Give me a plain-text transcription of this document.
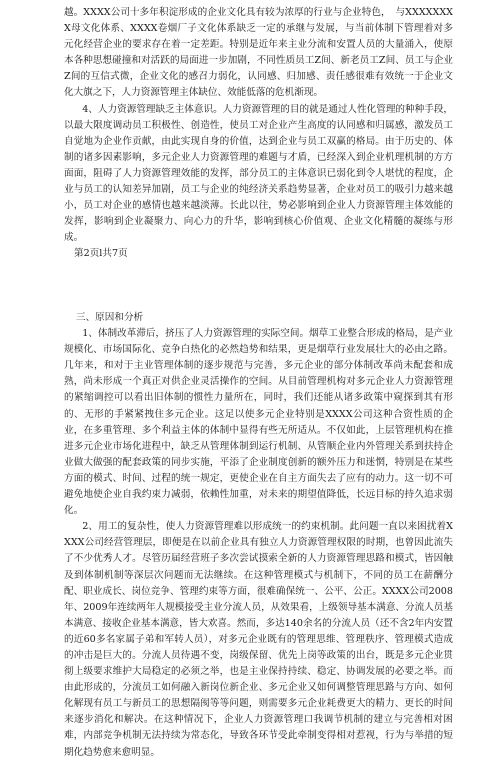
越。XXXX公司十多年积淀形成的企业文化具有较为浓厚的行业与企业特色，　与XXXXXXXX母文化体系、XXXX卷烟厂子文化体系缺乏一定的承继与发展，与当前体制下管理着对多元化经营企业的要求存在着一定差距。特别是近年来主业分流和安置人员的大量涌入，使原本各种思想碰撞和对活跃的局面进一步加剧，不同性质员工Z间、新老员工Z间、员工与企业Z间的互信式微，企业文化的感召力弱化，认同感、归加感、责任感很难有效统一于企业文化大旗之下，人力资源管理主体缺位、效能低落的危机渐现。

4、人力资源管理缺乏主体意识。人力资源管理的目的就是通过人性化管理的种种手段，以最大限度调动员工积极性、创造性，使员工对企业产生高度的认同感和归属感，激发员工自觉地为企业作贡献，由此实现自身的价值，达到企业与员工双赢的格局。由于历史的、体制的诸多因素影响，多元企业人力资源管理的难题与才盾，已经深入到企业机理机制的方方面面，阻碍了人力资源管理效能的发挥，部分员工的主体意识已弱化到令人堪忧的程度，企业与员工的认知差异加剧，员工与企业的纯经济关系趋势显著，企业对员工的吸引力越来越小，员工对企业的感情也越来越淡薄。长此以往，势必影响到企业人力资源管理主体效能的发挥，影响到企业凝聚力、向心力的升华，影响到核心价值观、企业文化精髓的凝练与形成。

第2页l共7页

三、原因和分析

1、体制改革滞后，挤压了人力资源管理的实际空间。烟草工业整合形成的格局，是产业规模化、市场国际化、竞争白热化的必然趋势和结果，更是烟草行业发展壮大的必由之路。几年来，和对于主业管理体制的逐步规范与完善，多元企业的部分体制改革尚未配套和成熟，尚未形成一个真正对供企业灵活操作的空间。从目前管理机构对多元企业人力资源管理的紧缩调控可以看出旧体制的惯性力量所在，同时，我们还能从诸多政策中窥探到其有形的、无形的手紧紧拽住多元企业。这足以使多元企业特别是XXXX公司这种合资性质的企业，在多重管理、多个利益主体的体制中显得有些无所适从。不仅如此，上层管理机构在推进多元企业市场化进程中，缺乏从管理体制到运行机制、从管顺企业内外管理关系到扶持企业做大做强的配套政策的同步实施，平添了企业制度创新的额外压力和迷惘，特别是在某些方面的模式、时间、过程的统一规定，更使企业在自主方面失去了应有的动力。这一切不可避免地使企业自我约束力减弱，依赖性加重，对未来的期望值降低，长远目标的持久追求弱化。

2、用工的复杂性，使人力资源管理难以形成统一的约束机制。此问题一直以来困扰着XXXX公司经营管理层，即便是在以前企业具有独立人力资源管理权限的时期，也曾因此流失了不少优秀人才。尽管历届经营班子多次尝试摸索全新的人力资源管理思路和模式，皆因触及到体制机制等深层次问题而无法继续。在这种管理模式与机制下，不同的员工在薪酬分配、职业成长、岗位竞争、管理约束等方面，很难确保统一、公平、公正。XXXX公司2008年、2009年连续两年人规模接受主业分流人员，从效果看，上级领导基本满意、分流人员基本满意、接收企业基本满意，皆大欢喜。然而，多达140余名的分流人员（还不含2年内安置的近60多名家属子弟和军转人员），对多元企业既有的管理思维、管理秩序、管理模式造成的冲击是巨大的。分流人员待遇不变，岗级保留、优先上岗等政策的出台，既是多元企业贯彻上级要求维护大局稳定的必须之举，也是主业保持持续、稳定、协调发展的必要之举。而由此形成的，分流员工如何融入新岗位新企业、多元企业又如何调整管理思路与方向、如何化解现有员工与新员工的思想隔阂等等问题，则需要多元企业耗费更大的精力、更长的时间来逐步消化和解决。在这种情况下，企业人力资源管理口我调节机制的建立与完善相对困难，内部竞争机制无法持续为常态化，导致各环节受此牵制变得相对惹视，行为与举措的短期化趋势愈来愈明显。
